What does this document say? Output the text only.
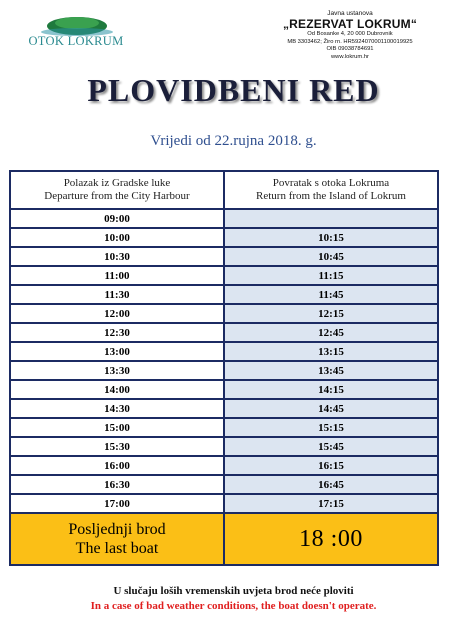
OTOK LOKRUM
Javna ustanova
„REZERVAT LOKRUM“
Od Bosanke 4, 20 000 Dubrovnik
MB 3303462; Žiro rn. HR5924070001100019925
OIB 09038784691
www.lokrum.hr
PLOVIDBENI RED
Vrijedi od 22.rujna 2018. g.
Polazak iz Gradske luke
Departure from the City Harbour
Povratak s otoka Lokruma
Return from the Island of Lokrum
09:00
10:00	10:15
10:30	10:45
11:00	11:15
11:30	11:45
12:00	12:15
12:30	12:45
13:00	13:15
13:30	13:45
14:00	14:15
14:30	14:45
15:00	15:15
15:30	15:45
16:00	16:15
16:30	16:45
17:00	17:15
Posljednji brod
The last boat	18 :00
U slučaju loših vremenskih uvjeta brod neće ploviti
In a case of bad weather conditions, the boat doesn't operate.
